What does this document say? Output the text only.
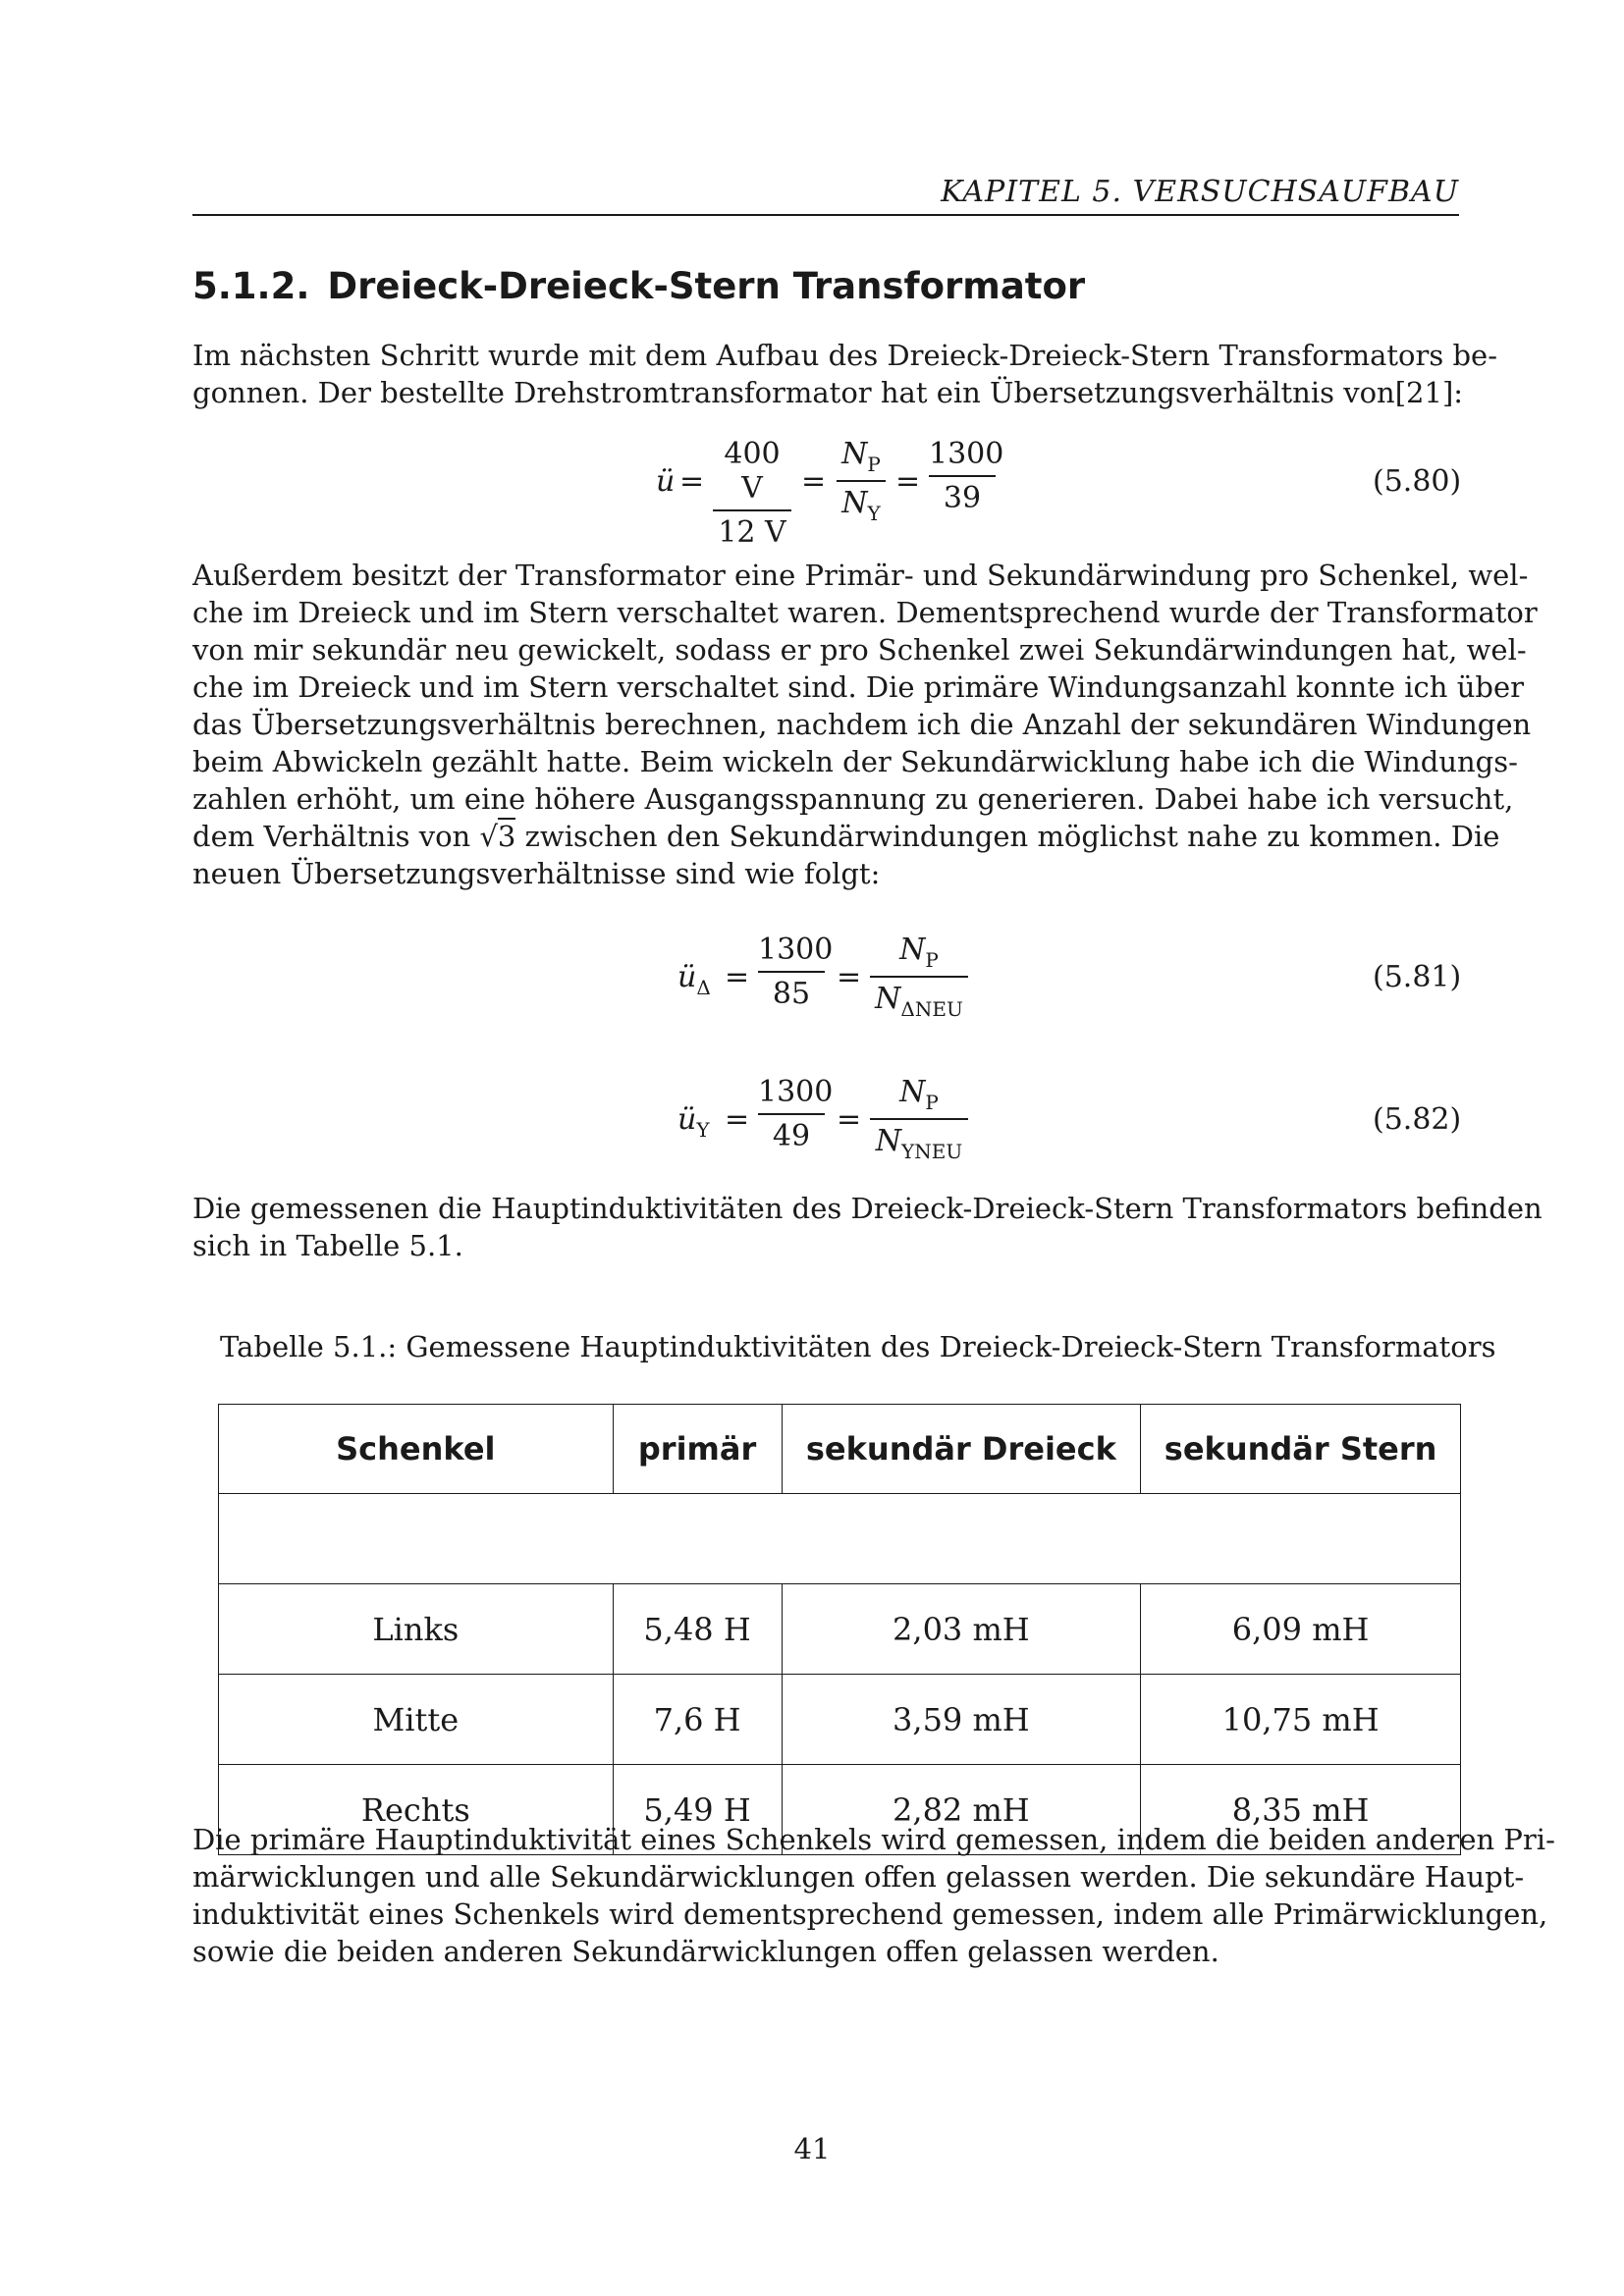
KAPITEL 5. VERSUCHSAUFBAU
5.1.2. Dreieck-Dreieck-Stern Transformator
Im nächsten Schritt wurde mit dem Aufbau des Dreieck-Dreieck-Stern Transformators be-
gonnen. Der bestellte Drehstromtransformator hat ein Übersetzungsverhältnis von[21]:
ü =
400 V
12 V
=
$N_P$
$N_Y$
=
1300
39	(5.80)
Außerdem besitzt der Transformator eine Primär- und Sekundärwindung pro Schenkel, wel-
che im Dreieck und im Stern verschaltet waren. Dementsprechend wurde der Transformator
von mir sekundär neu gewickelt, sodass er pro Schenkel zwei Sekundärwindungen hat, wel-
che im Dreieck und im Stern verschaltet sind. Die primäre Windungsanzahl konnte ich über
das Übersetzungsverhältnis berechnen, nachdem ich die Anzahl der sekundären Windungen
beim Abwickeln gezählt hatte. Beim wickeln der Sekundärwicklung habe ich die Windungs-
zahlen erhöht, um eine höhere Ausgangsspannung zu generieren. Dabei habe ich versucht,
dem Verhältnis von √3 zwischen den Sekundärwindungen möglichst nahe zu kommen. Die
neuen Übersetzungsverhältnisse sind wie folgt:
$ü_\Delta$ =
1300
85 =
$N_P$
$N_{\Delta NEU}$
(5.81)
$ü_Y$ =
1300
49 =
$N_P$
$N_{YNEU}$
(5.82)
Die gemessenen die Hauptinduktivitäten des Dreieck-Dreieck-Stern Transformators befinden
sich in Tabelle 5.1.
Tabelle 5.1.: Gemessene Hauptinduktivitäten des Dreieck-Dreieck-Stern Transformators
Schenkel	primär	sekundär Dreieck	sekundär Stern

Links	5,48 H	2,03 mH	6,09 mH
Mitte	7,6 H	3,59 mH	10,75 mH
Rechts	5,49 H	2,82 mH	8,35 mH
Die primäre Hauptinduktivität eines Schenkels wird gemessen, indem die beiden anderen Pri-
märwicklungen und alle Sekundärwicklungen offen gelassen werden. Die sekundäre Haupt-
induktivität eines Schenkels wird dementsprechend gemessen, indem alle Primärwicklungen,
sowie die beiden anderen Sekundärwicklungen offen gelassen werden.
41
